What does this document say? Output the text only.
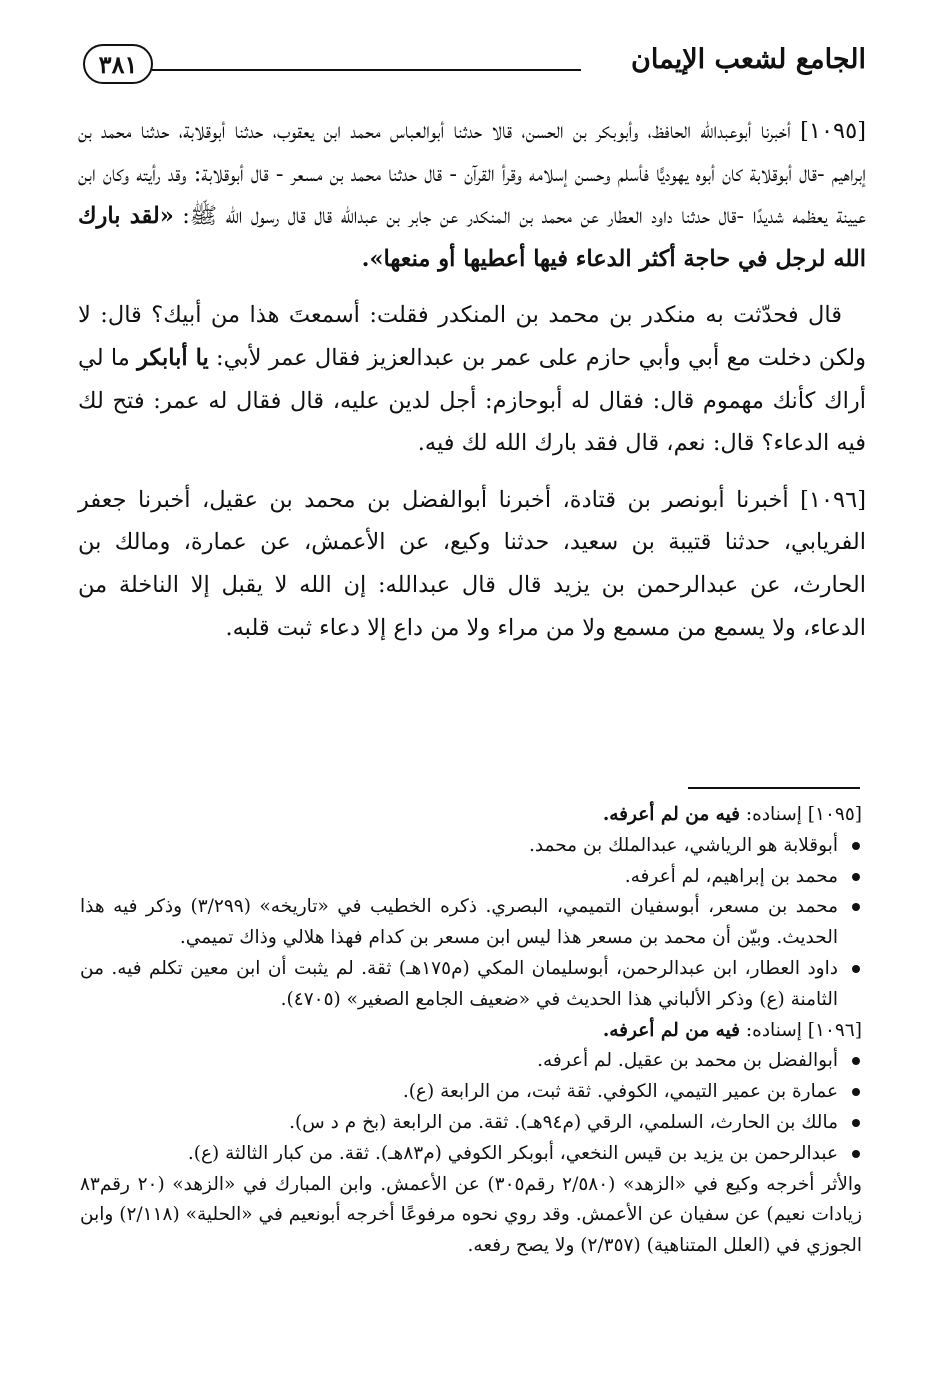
الجامع لشعب الإيمان
٣٨١

[١٠٩٥] أخبرنا أبوعبدالله الحافظ، وأبوبكر بن الحسن، قالا حدثنا أبوالعباس محمد ابن يعقوب، حدثنا أبوقلابة، حدثنا محمد بن إبراهيم -قال أبوقلابة كان أبوه يهوديًّا فأسلم وحسن إسلامه وقرأ القرآن - قال حدثنا محمد بن مسعر - قال أبوقلابة: وقد رأيته وكان ابن عيينة يعظمه شديدًا -قال حدثنا داود العطار عن محمد بن المنكدر عن جابر بن عبدالله قال قال رسول الله ﷺ: «لقد بارك الله لرجل في حاجة أكثر الدعاء فيها أعطيها أو منعها».

قال فحدّثت به منكدر بن محمد بن المنكدر فقلت: أسمعتَ هذا من أبيك؟ قال: لا ولكن دخلت مع أبي وأبي حازم على عمر بن عبدالعزيز فقال عمر لأبي: يا أبابكر ما لي أراك كأنك مهموم قال: فقال له أبوحازم: أجل لدين عليه، قال فقال له عمر: فتح لك فيه الدعاء؟ قال: نعم، قال فقد بارك الله لك فيه.

[١٠٩٦] أخبرنا أبونصر بن قتادة، أخبرنا أبوالفضل بن محمد بن عقيل، أخبرنا جعفر الفريابي، حدثنا قتيبة بن سعيد، حدثنا وكيع، عن الأعمش، عن عمارة، ومالك بن الحارث، عن عبدالرحمن بن يزيد قال قال عبدالله: إن الله لا يقبل إلا الناخلة من الدعاء، ولا يسمع من مسمع ولا من مراء ولا من داع إلا دعاء ثبت قلبه.

[١٠٩٥] إسناده: فيه من لم أعرفه.

أبوقلابة هو الرياشي، عبدالملك بن محمد.
محمد بن إبراهيم، لم أعرفه.
محمد بن مسعر، أبوسفيان التميمي، البصري. ذكره الخطيب في «تاريخه» (٣/٢٩٩) وذكر فيه هذا الحديث. وبيّن أن محمد بن مسعر هذا ليس ابن مسعر بن كدام فهذا هلالي وذاك تميمي.
داود العطار، ابن عبدالرحمن، أبوسليمان المكي (م١٧٥هـ) ثقة. لم يثبت أن ابن معين تكلم فيه. من الثامنة (ع) وذكر الألباني هذا الحديث في «ضعيف الجامع الصغير» (٤٧٠٥).

[١٠٩٦] إسناده: فيه من لم أعرفه.

أبوالفضل بن محمد بن عقيل. لم أعرفه.
عمارة بن عمير التيمي، الكوفي. ثقة ثبت، من الرابعة (ع).
مالك بن الحارث، السلمي، الرقي (م٩٤هـ). ثقة. من الرابعة (بخ م د س).
عبدالرحمن بن يزيد بن قيس النخعي، أبوبكر الكوفي (م٨٣هـ). ثقة. من كبار الثالثة (ع).

والأثر أخرجه وكيع في «الزهد» (٢/٥٨٠ رقم٣٠٥) عن الأعمش. وابن المبارك في «الزهد» (٢٠ رقم٨٣ زيادات نعيم) عن سفيان عن الأعمش. وقد روي نحوه مرفوعًا أخرجه أبونعيم في «الحلية» (٢/١١٨) وابن الجوزي في (العلل المتناهية) (٢/٣٥٧) ولا يصح رفعه.
